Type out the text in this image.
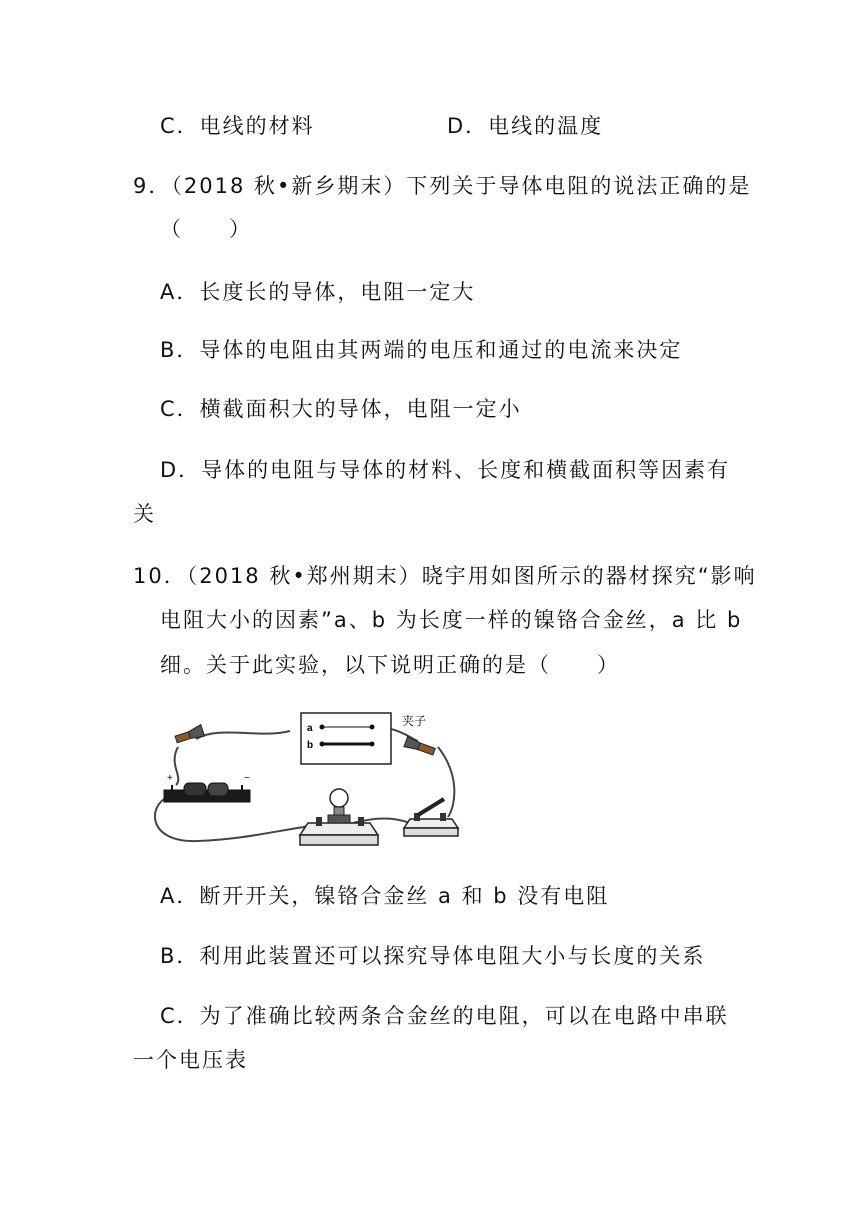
C．电线的材料	D．电线的温度
9．（2018 秋•新乡期末）下列关于导体电阻的说法正确的是
（　　）
A．长度长的导体，电阻一定大
B．导体的电阻由其两端的电压和通过的电流来决定
C．横截面积大的导体，电阻一定小
D．导体的电阻与导体的材料、长度和横截面积等因素有
关
10．（2018 秋•郑州期末）晓宇用如图所示的器材探究“影响
电阻大小的因素”a、b 为长度一样的镍铬合金丝，a 比 b
细。关于此实验，以下说明正确的是（　　）
a
b
夹子
+	−
A．断开开关，镍铬合金丝 a 和 b 没有电阻
B．利用此装置还可以探究导体电阻大小与长度的关系
C．为了准确比较两条合金丝的电阻，可以在电路中串联
一个电压表
